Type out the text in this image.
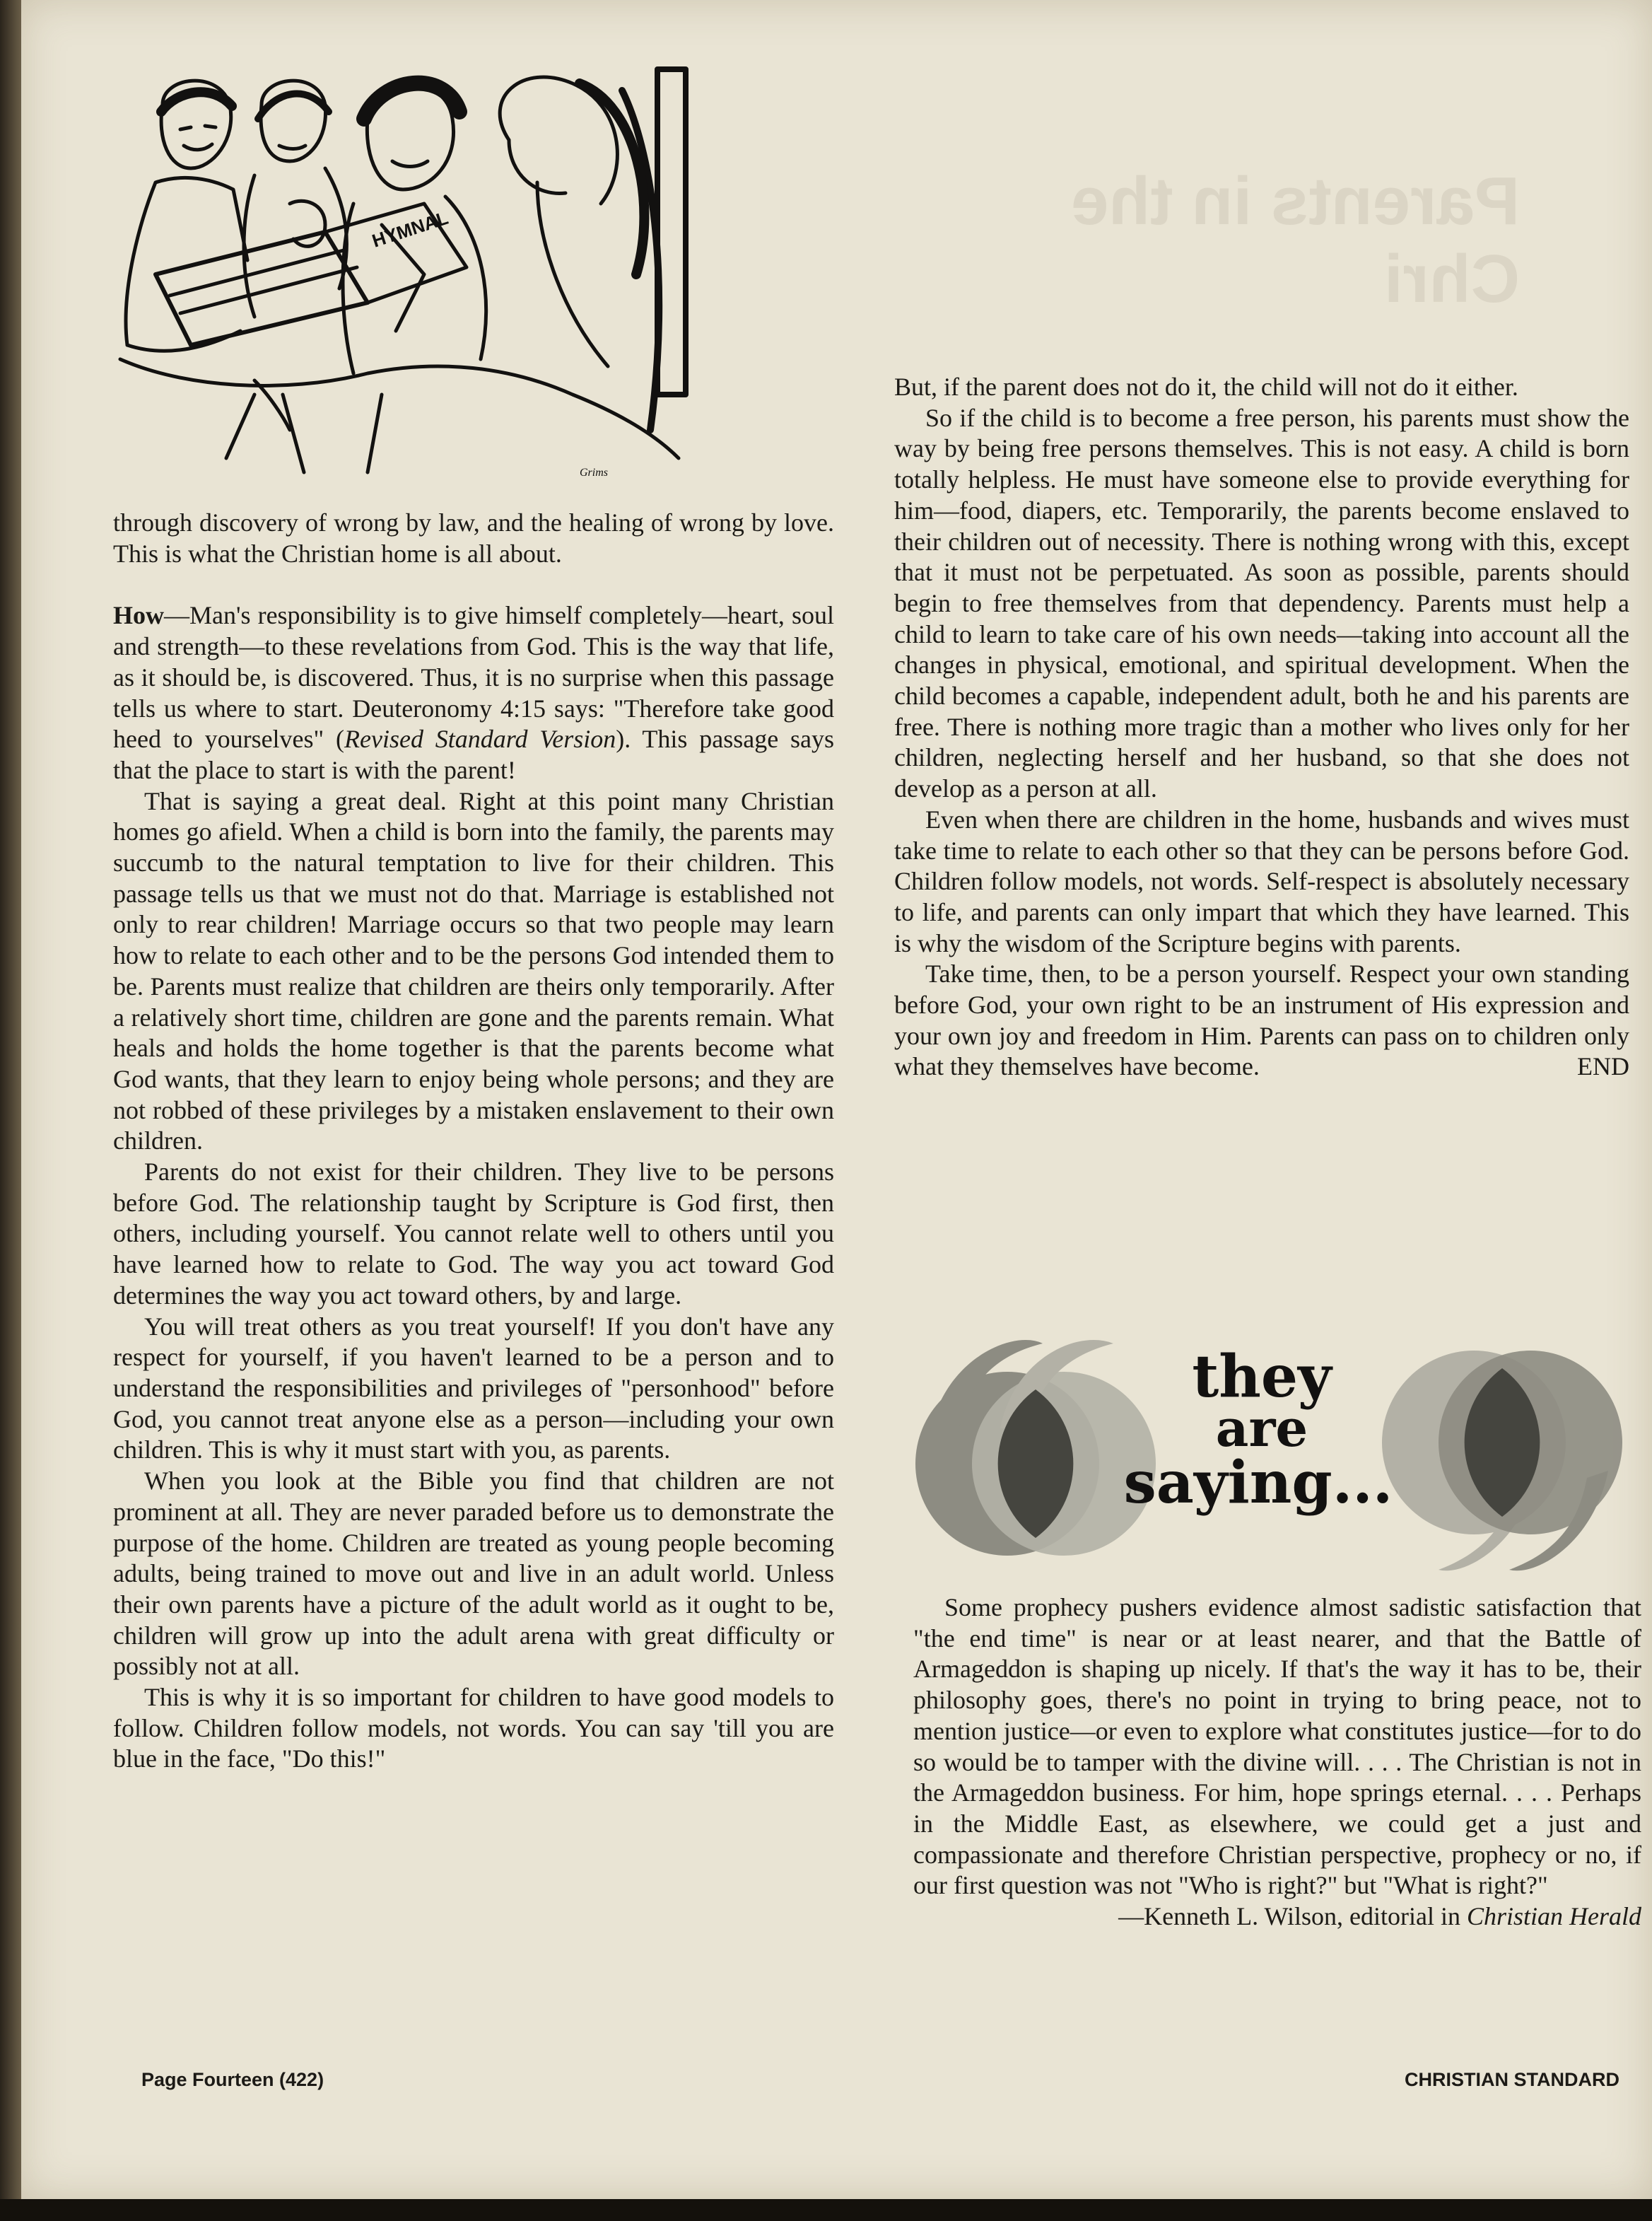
Parents in the Chri
HYMNAL
Grims

through discovery of wrong by law, and the healing of wrong by love. This is what the Christian home is all about.

How—Man's responsibility is to give himself completely—heart, soul and strength—to these revelations from God. This is the way that life, as it should be, is discovered. Thus, it is no surprise when this passage tells us where to start. Deuteronomy 4:15 says: "Therefore take good heed to yourselves" (Revised Standard Version). This passage says that the place to start is with the parent!

That is saying a great deal. Right at this point many Christian homes go afield. When a child is born into the family, the parents may succumb to the natural temptation to live for their children. This passage tells us that we must not do that. Marriage is established not only to rear children! Marriage occurs so that two people may learn how to relate to each other and to be the persons God intended them to be. Parents must realize that children are theirs only temporarily. After a relatively short time, children are gone and the parents remain. What heals and holds the home together is that the parents become what God wants, that they learn to enjoy being whole persons; and they are not robbed of these privileges by a mistaken enslavement to their own children.

Parents do not exist for their children. They live to be persons before God. The relationship taught by Scripture is God first, then others, including yourself. You cannot relate well to others until you have learned how to relate to God. The way you act toward God determines the way you act toward others, by and large.

You will treat others as you treat yourself! If you don't have any respect for yourself, if you haven't learned to be a person and to understand the responsibilities and privileges of "personhood" before God, you cannot treat anyone else as a person—including your own children. This is why it must start with you, as parents.

When you look at the Bible you find that children are not prominent at all. They are never paraded before us to demonstrate the purpose of the home. Children are treated as young people becoming adults, being trained to move out and live in an adult world. Unless their own parents have a picture of the adult world as it ought to be, children will grow up into the adult arena with great difficulty or possibly not at all.

This is why it is so important for children to have good models to follow. Children follow models, not words. You can say 'till you are blue in the face, "Do this!"

But, if the parent does not do it, the child will not do it either.

So if the child is to become a free person, his parents must show the way by being free persons themselves. This is not easy. A child is born totally helpless. He must have someone else to provide everything for him—food, diapers, etc. Temporarily, the parents become enslaved to their children out of necessity. There is nothing wrong with this, except that it must not be perpetuated. As soon as possible, parents should begin to free themselves from that dependency. Parents must help a child to learn to take care of his own needs—taking into account all the changes in physical, emotional, and spiritual development. When the child becomes a capable, independent adult, both he and his parents are free. There is nothing more tragic than a mother who lives only for her children, neglecting herself and her husband, so that she does not develop as a person at all.

Even when there are children in the home, husbands and wives must take time to relate to each other so that they can be persons before God. Children follow models, not words. Self-respect is absolutely necessary to life, and parents can only impart that which they have learned. This is why the wisdom of the Scripture begins with parents.

Take time, then, to be a person yourself. Respect your own standing before God, your own right to be an instrument of His expression and your own joy and freedom in Him. Parents can pass on to children only what they themselves have become.	END

they
are
saying...

Some prophecy pushers evidence almost sadistic satisfaction that "the end time" is near or at least nearer, and that the Battle of Armageddon is shaping up nicely. If that's the way it has to be, their philosophy goes, there's no point in trying to bring peace, not to mention justice—or even to explore what constitutes justice—for to do so would be to tamper with the divine will. . . . The Christian is not in the Armageddon business. For him, hope springs eternal. . . . Perhaps in the Middle East, as elsewhere, we could get a just and compassionate and therefore Christian perspective, prophecy or no, if our first question was not "Who is right?" but "What is right?"

—Kenneth L. Wilson, editorial in Christian Herald

Page Fourteen (422)	CHRISTIAN STANDARD
